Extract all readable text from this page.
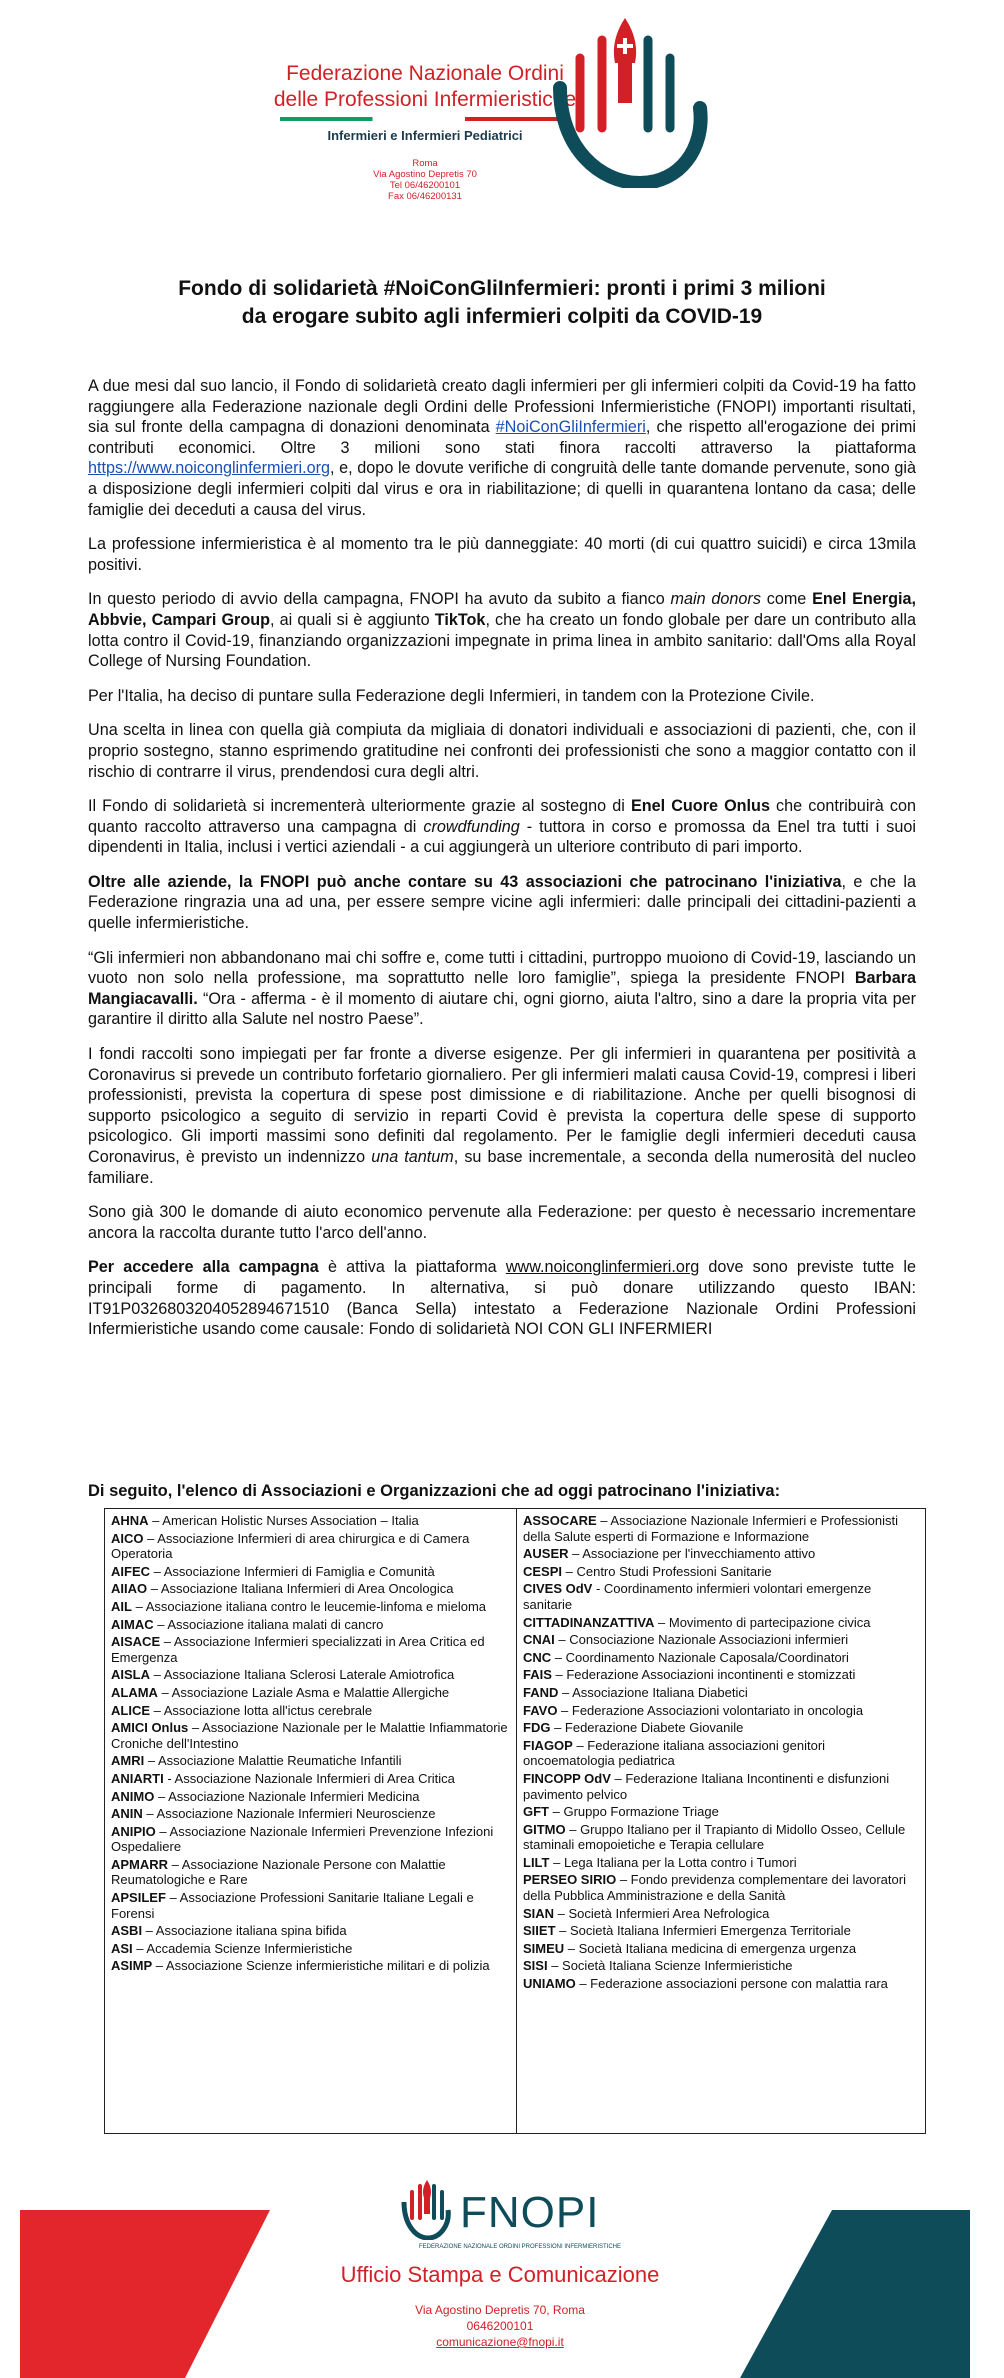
Federazione Nazionale Ordini
delle Professioni Infermieristiche
Infermieri e Infermieri Pediatrici
Roma
Via Agostino Depretis 70
Tel 06/46200101
Fax 06/46200131
Fondo di solidarietà #NoiConGliInfermieri: pronti i primi 3 milioni
da erogare subito agli infermieri colpiti da COVID-19

A due mesi dal suo lancio, il Fondo di solidarietà creato dagli infermieri per gli infermieri colpiti da Covid-19 ha fatto raggiungere alla Federazione nazionale degli Ordini delle Professioni Infermieristiche (FNOPI) importanti risultati, sia sul fronte della campagna di donazioni denominata #NoiConGliInfermieri, che rispetto all'erogazione dei primi contributi economici. Oltre 3 milioni sono stati finora raccolti attraverso la piattaforma https://www.noiconglinfermieri.org, e, dopo le dovute verifiche di congruità delle tante domande pervenute, sono già a disposizione degli infermieri colpiti dal virus e ora in riabilitazione; di quelli in quarantena lontano da casa; delle famiglie dei deceduti a causa del virus.

La professione infermieristica è al momento tra le più danneggiate: 40 morti (di cui quattro suicidi) e circa 13mila positivi.

In questo periodo di avvio della campagna, FNOPI ha avuto da subito a fianco main donors come Enel Energia, Abbvie, Campari Group, ai quali si è aggiunto TikTok, che ha creato un fondo globale per dare un contributo alla lotta contro il Covid-19, finanziando organizzazioni impegnate in prima linea in ambito sanitario: dall'Oms alla Royal College of Nursing Foundation.

Per l'Italia, ha deciso di puntare sulla Federazione degli Infermieri, in tandem con la Protezione Civile.

Una scelta in linea con quella già compiuta da migliaia di donatori individuali e associazioni di pazienti, che, con il proprio sostegno, stanno esprimendo gratitudine nei confronti dei professionisti che sono a maggior contatto con il rischio di contrarre il virus, prendendosi cura degli altri.

Il Fondo di solidarietà si incrementerà ulteriormente grazie al sostegno di Enel Cuore Onlus che contribuirà con quanto raccolto attraverso una campagna di crowdfunding - tuttora in corso e promossa da Enel tra tutti i suoi dipendenti in Italia, inclusi i vertici aziendali - a cui aggiungerà un ulteriore contributo di pari importo.

Oltre alle aziende, la FNOPI può anche contare su 43 associazioni che patrocinano l'iniziativa, e che la Federazione ringrazia una ad una, per essere sempre vicine agli infermieri: dalle principali dei cittadini-pazienti a quelle infermieristiche.

“Gli infermieri non abbandonano mai chi soffre e, come tutti i cittadini, purtroppo muoiono di Covid-19, lasciando un vuoto non solo nella professione, ma soprattutto nelle loro famiglie”, spiega la presidente FNOPI Barbara Mangiacavalli. “Ora - afferma - è il momento di aiutare chi, ogni giorno, aiuta l'altro, sino a dare la propria vita per garantire il diritto alla Salute nel nostro Paese”.

I fondi raccolti sono impiegati per far fronte a diverse esigenze. Per gli infermieri in quarantena per positività a Coronavirus si prevede un contributo forfetario giornaliero. Per gli infermieri malati causa Covid-19, compresi i liberi professionisti, prevista la copertura di spese post dimissione e di riabilitazione. Anche per quelli bisognosi di supporto psicologico a seguito di servizio in reparti Covid è prevista la copertura delle spese di supporto psicologico. Gli importi massimi sono definiti dal regolamento. Per le famiglie degli infermieri deceduti causa Coronavirus, è previsto un indennizzo una tantum, su base incrementale, a seconda della numerosità del nucleo familiare.

Sono già 300 le domande di aiuto economico pervenute alla Federazione: per questo è necessario incrementare ancora la raccolta durante tutto l'arco dell'anno.

Per accedere alla campagna è attiva la piattaforma www.noiconglinfermieri.org dove sono previste tutte le principali forme di pagamento. In alternativa, si può donare utilizzando questo IBAN: IT91P0326803204052894671510 (Banca Sella) intestato a Federazione Nazionale Ordini Professioni Infermieristiche usando come causale: Fondo di solidarietà NOI CON GLI INFERMIERI

Di seguito, l'elenco di Associazioni e Organizzazioni che ad oggi patrocinano l'iniziativa:
AHNA – American Holistic Nurses Association – Italia
AICO – Associazione Infermieri di area chirurgica e di Camera Operatoria
AIFEC – Associazione Infermieri di Famiglia e Comunità
AIIAO – Associazione Italiana Infermieri di Area Oncologica
AIL – Associazione italiana contro le leucemie-linfoma e mieloma
AIMAC – Associazione italiana malati di cancro
AISACE – Associazione Infermieri specializzati in Area Critica ed Emergenza
AISLA – Associazione Italiana Sclerosi Laterale Amiotrofica
ALAMA – Associazione Laziale Asma e Malattie Allergiche
ALICE – Associazione lotta all'ictus cerebrale
AMICI Onlus – Associazione Nazionale per le Malattie Infiammatorie Croniche dell'Intestino
AMRI – Associazione Malattie Reumatiche Infantili
ANIARTI - Associazione Nazionale Infermieri di Area Critica
ANIMO – Associazione Nazionale Infermieri Medicina
ANIN – Associazione Nazionale Infermieri Neuroscienze
ANIPIO – Associazione Nazionale Infermieri Prevenzione Infezioni Ospedaliere
APMARR – Associazione Nazionale Persone con Malattie Reumatologiche e Rare
APSILEF – Associazione Professioni Sanitarie Italiane Legali e Forensi
ASBI – Associazione italiana spina bifida
ASI – Accademia Scienze Infermieristiche
ASIMP – Associazione Scienze infermieristiche militari e di polizia
ASSOCARE – Associazione Nazionale Infermieri e Professionisti della Salute esperti di Formazione e Informazione
AUSER – Associazione per l'invecchiamento attivo
CESPI – Centro Studi Professioni Sanitarie
CIVES OdV - Coordinamento infermieri volontari emergenze sanitarie
CITTADINANZATTIVA – Movimento di partecipazione civica
CNAI – Consociazione Nazionale Associazioni infermieri
CNC – Coordinamento Nazionale Caposala/Coordinatori
FAIS – Federazione Associazioni incontinenti e stomizzati
FAND – Associazione Italiana Diabetici
FAVO – Federazione Associazioni volontariato in oncologia
FDG – Federazione Diabete Giovanile
FIAGOP – Federazione italiana associazioni genitori oncoematologia pediatrica
FINCOPP OdV – Federazione Italiana Incontinenti e disfunzioni pavimento pelvico
GFT – Gruppo Formazione Triage
GITMO – Gruppo Italiano per il Trapianto di Midollo Osseo, Cellule staminali emopoietiche e Terapia cellulare
LILT – Lega Italiana per la Lotta contro i Tumori
PERSEO SIRIO – Fondo previdenza complementare dei lavoratori della Pubblica Amministrazione e della Sanità
SIAN – Società Infermieri Area Nefrologica
SIIET – Società Italiana Infermieri Emergenza Territoriale
SIMEU – Società Italiana medicina di emergenza urgenza
SISI – Società Italiana Scienze Infermieristiche
UNIAMO – Federazione associazioni persone con malattia rara
FNOPI
FEDERAZIONE NAZIONALE ORDINI PROFESSIONI INFERMIERISTICHE
Ufficio Stampa e Comunicazione
Via Agostino Depretis 70, Roma
0646200101
comunicazione@fnopi.it
